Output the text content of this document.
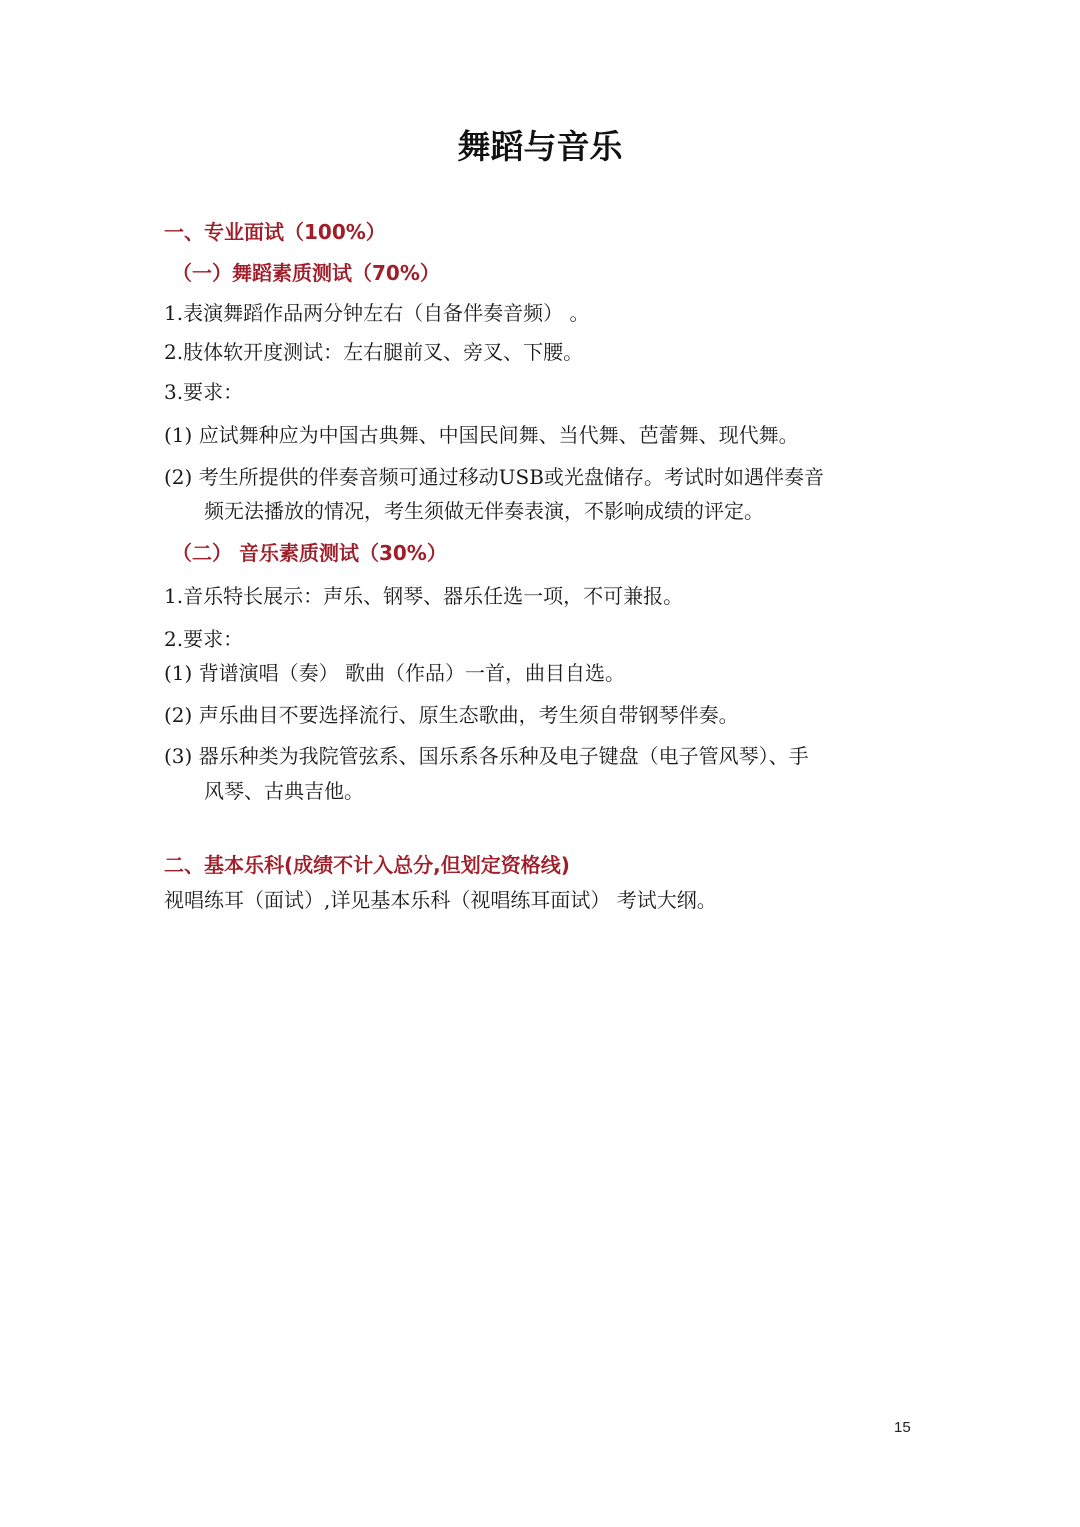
舞蹈与音乐

一、专业面试（100%）

（一）舞蹈素质测试（70%）

1.表演舞蹈作品两分钟左右（自备伴奏音频） 。

2.肢体软开度测试：左右腿前叉、旁叉、下腰。

3.要求：

(1) 应试舞种应为中国古典舞、中国民间舞、当代舞、芭蕾舞、现代舞。

(2) 考生所提供的伴奏音频可通过移动USB或光盘储存。考试时如遇伴奏音

频无法播放的情况，考生须做无伴奏表演，不影响成绩的评定。

（二） 音乐素质测试（30%）

1.音乐特长展示：声乐、钢琴、器乐任选一项，不可兼报。

2.要求：

(1) 背谱演唱（奏） 歌曲（作品）一首，曲目自选。

(2) 声乐曲目不要选择流行、原生态歌曲，考生须自带钢琴伴奏。

(3) 器乐种类为我院管弦系、国乐系各乐种及电子键盘（电子管风琴）、手

风琴、古典吉他。

二、基本乐科(成绩不计入总分,但划定资格线)

视唱练耳（面试）,详见基本乐科（视唱练耳面试） 考试大纲。

15
